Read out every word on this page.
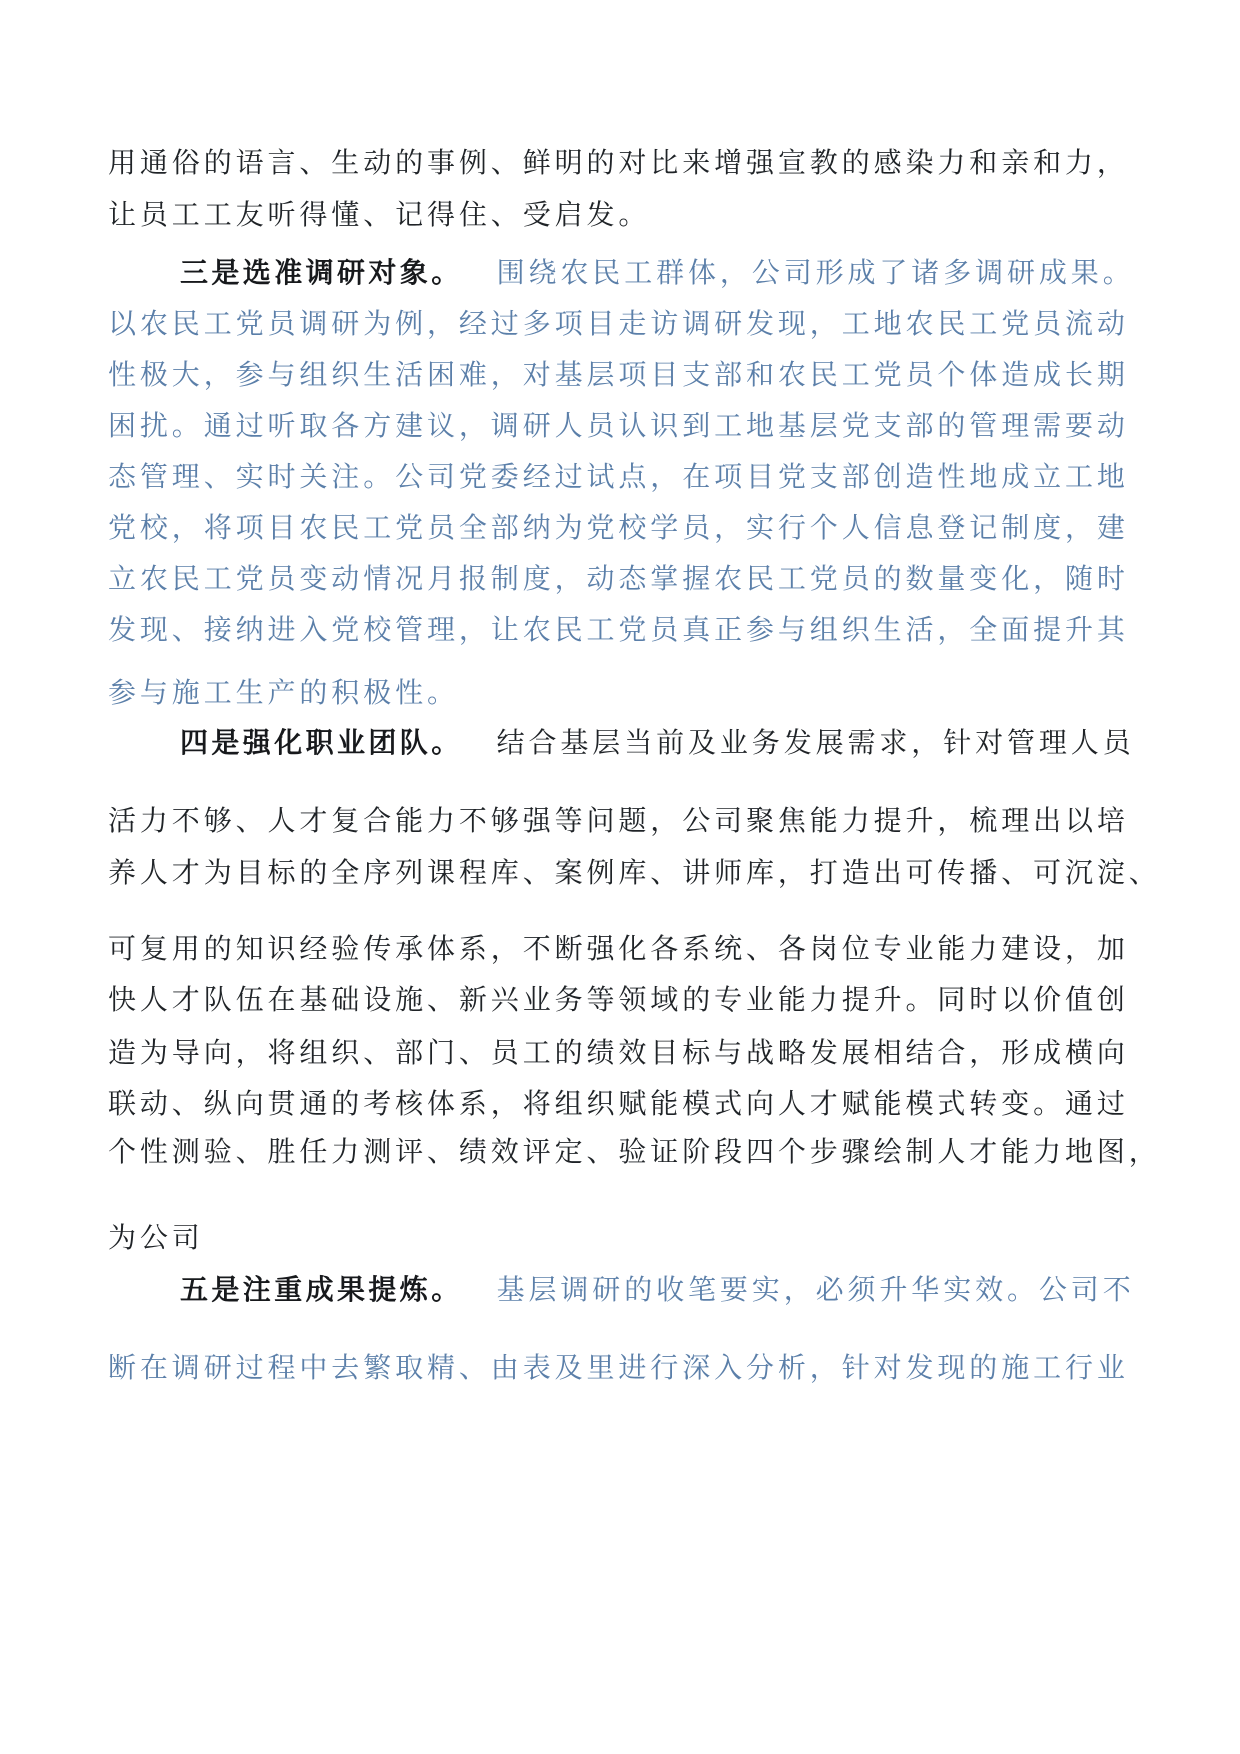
用通俗的语言、生动的事例、鲜明的对比来增强宣教的感染力和亲和力，
让员工工友听得懂、记得住、受启发。
三是选准调研对象。 围绕农民工群体，公司形成了诸多调研成果。
以农民工党员调研为例，经过多项目走访调研发现，工地农民工党员流动
性极大，参与组织生活困难，对基层项目支部和农民工党员个体造成长期
困扰。通过听取各方建议，调研人员认识到工地基层党支部的管理需要动
态管理、实时关注。公司党委经过试点，在项目党支部创造性地成立工地
党校，将项目农民工党员全部纳为党校学员，实行个人信息登记制度，建
立农民工党员变动情况月报制度，动态掌握农民工党员的数量变化，随时
发现、接纳进入党校管理，让农民工党员真正参与组织生活，全面提升其
参与施工生产的积极性。
四是强化职业团队。 结合基层当前及业务发展需求，针对管理人员
活力不够、人才复合能力不够强等问题，公司聚焦能力提升，梳理出以培
养人才为目标的全序列课程库、案例库、讲师库，打造出可传播、可沉淀、
可复用的知识经验传承体系，不断强化各系统、各岗位专业能力建设，加
快人才队伍在基础设施、新兴业务等领域的专业能力提升。同时以价值创
造为导向，将组织、部门、员工的绩效目标与战略发展相结合，形成横向
联动、纵向贯通的考核体系，将组织赋能模式向人才赋能模式转变。通过
个性测验、胜任力测评、绩效评定、验证阶段四个步骤绘制人才能力地图，
为公司
五是注重成果提炼。 基层调研的收笔要实，必须升华实效。公司不
断在调研过程中去繁取精、由表及里进行深入分析，针对发现的施工行业
